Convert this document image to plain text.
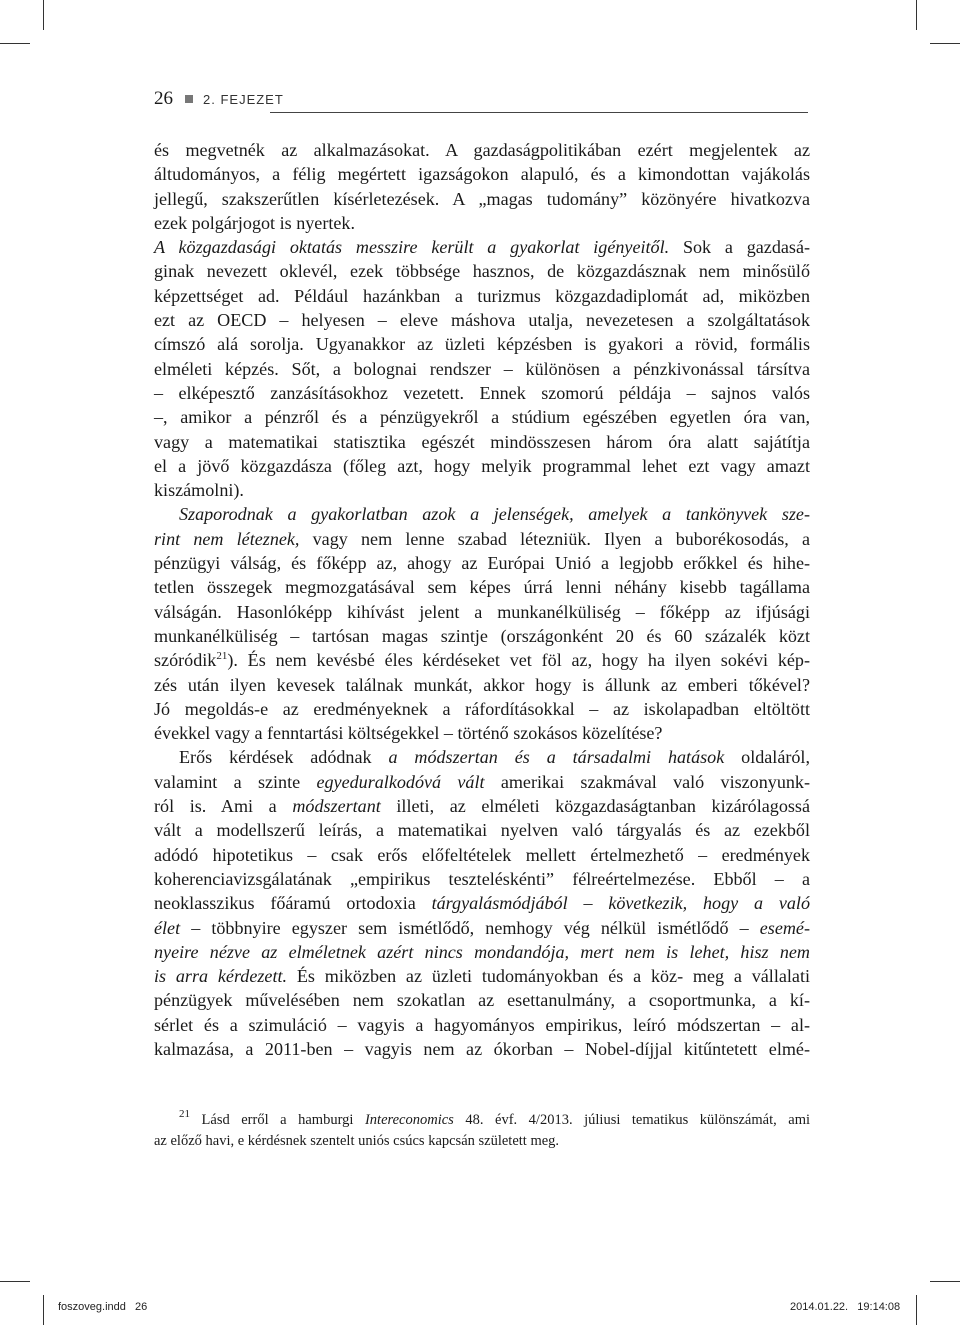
26 2. FEJEZET
és megvetnék az alkalmazásokat. A gazdaságpolitikában ezért megjelentek az
áltudományos, a félig megértett igazságokon alapuló, és a kimondottan vajákolás
jellegű, szakszerűtlen kísérletezések. A „magas tudomány” közönyére hivatkozva
ezek polgárjogot is nyertek.
A közgazdasági oktatás messzire került a gyakorlat igényeitől. Sok a gazdasá-
ginak nevezett oklevél, ezek többsége hasznos, de közgazdásznak nem minősülő
képzettséget ad. Például hazánkban a turizmus közgazdadiplomát ad, miközben
ezt az OECD – helyesen – eleve máshova utalja, nevezetesen a szolgáltatások
címszó alá sorolja. Ugyanakkor az üzleti képzésben is gyakori a rövid, formális
elméleti képzés. Sőt, a bolognai rendszer – különösen a pénzkivonással társítva
– elképesztő zanzásításokhoz vezetett. Ennek szomorú példája – sajnos valós
–, amikor a pénzről és a pénzügyekről a stúdium egészében egyetlen óra van,
vagy a matematikai statisztika egészét mindösszesen három óra alatt sajátítja
el a jövő közgazdásza (főleg azt, hogy melyik programmal lehet ezt vagy amazt
kiszámolni).
Szaporodnak a gyakorlatban azok a jelenségek, amelyek a tankönyvek sze-
rint nem léteznek, vagy nem lenne szabad létezniük. Ilyen a buborékosodás, a
pénzügyi válság, és főképp az, ahogy az Európai Unió a legjobb erőkkel és hihe-
tetlen összegek megmozgatásával sem képes úrrá lenni néhány kisebb tagállama
válságán. Hasonlóképp kihívást jelent a munkanélküliség – főképp az ifjúsági
munkanélküliség – tartósan magas szintje (országonként 20 és 60 százalék közt
szóródik$^{21}$). És nem kevésbé éles kérdéseket vet föl az, hogy ha ilyen sokévi kép-
zés után ilyen kevesek találnak munkát, akkor hogy is állunk az emberi tőkével?
Jó megoldás-e az eredményeknek a ráfordításokkal – az iskolapadban eltöltött
évekkel vagy a fenntartási költségekkel – történő szokásos közelítése?
Erős kérdések adódnak a módszertan és a társadalmi hatások oldaláról,
valamint a szinte egyeduralkodóvá vált amerikai szakmával való viszonyunk-
ról is. Ami a módszertant illeti, az elméleti közgazdaságtanban kizárólagossá
vált a modellszerű leírás, a matematikai nyelven való tárgyalás és az ezekből
adódó hipotetikus – csak erős előfeltételek mellett értelmezhető – eredmények
koherenciavizsgálatának „empirikus teszteléskénti” félreértelmezése. Ebből – a
neoklasszikus főáramú ortodoxia tárgyalásmódjából – következik, hogy a való
élet – többnyire egyszer sem ismétlődő, nemhogy vég nélkül ismétlődő – esemé-
nyeire nézve az elméletnek azért nincs mondandója, mert nem is lehet, hisz nem
is arra kérdezett. És miközben az üzleti tudományokban és a köz- meg a vállalati
pénzügyek művelésében nem szokatlan az esettanulmány, a csoportmunka, a kí-
sérlet és a szimuláció – vagyis a hagyományos empirikus, leíró módszertan – al-
kalmazása, a 2011-ben – vagyis nem az ókorban – Nobel-díjjal kitűntetett elmé-
$^{21}$ Lásd erről a hamburgi Intereconomics 48. évf. 4/2013. júliusi tematikus különszámát, ami
az előző havi, e kérdésnek szentelt uniós csúcs kapcsán született meg.
foszoveg.indd   26	2014.01.22.   19:14:08
